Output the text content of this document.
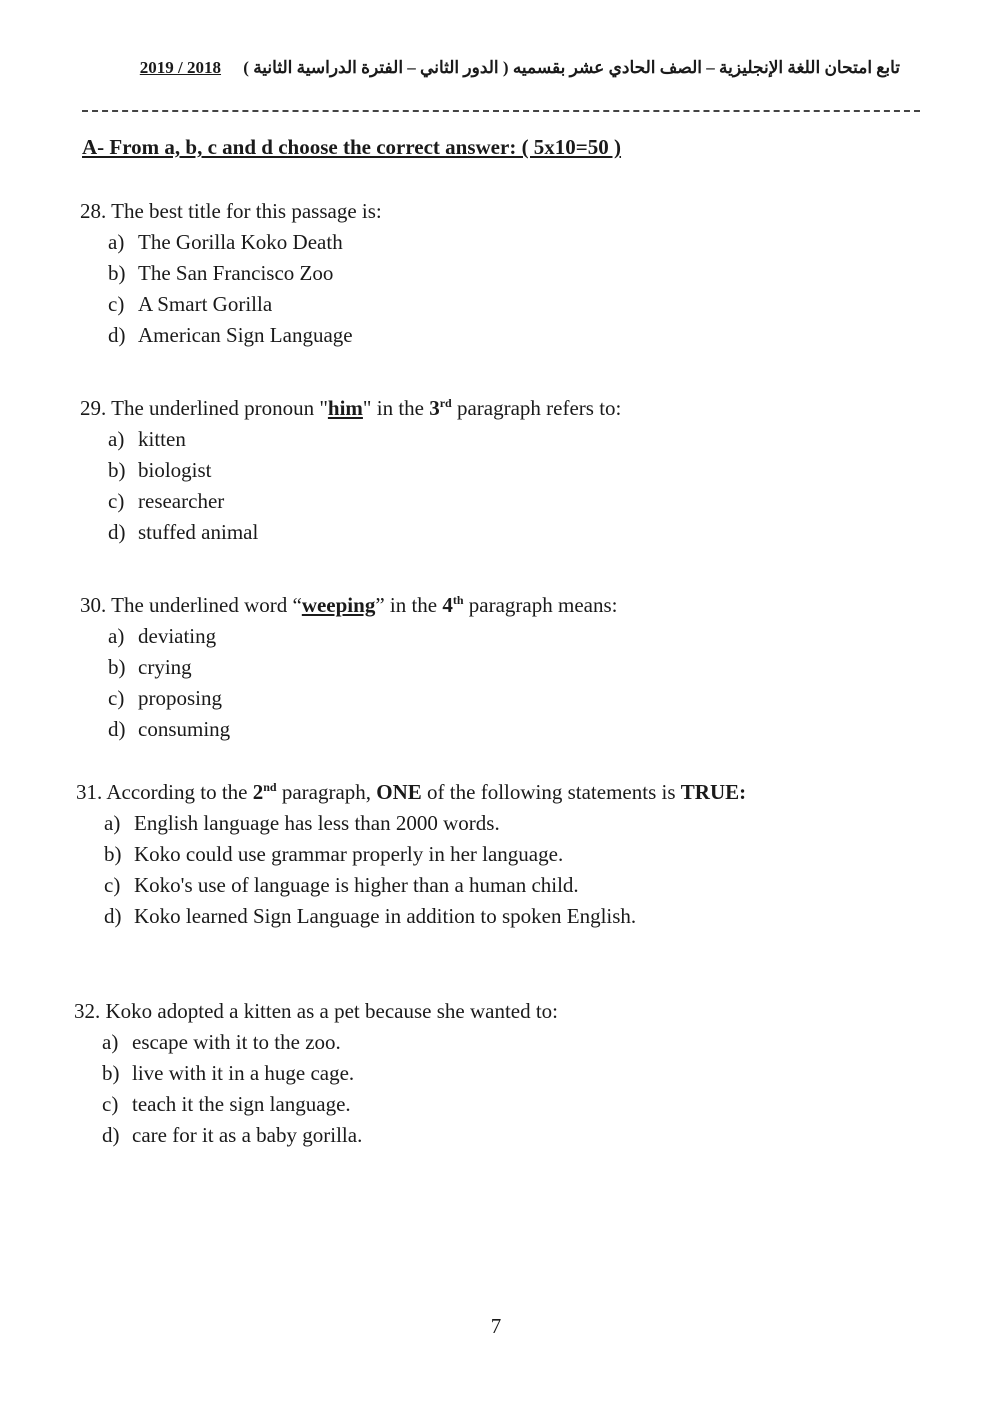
تابع امتحان اللغة الإنجليزية – الصف الحادي عشر بقسميه ( الدور الثاني – الفترة الدراسية الثانية ) 2019 / 2018
A- From a, b, c and d choose the correct answer: ( 5x10=50 )
28. The best title for this passage is:
a) The Gorilla Koko Death
b) The San Francisco Zoo
c) A Smart Gorilla
d) American Sign Language
29. The underlined pronoun "him" in the 3rd paragraph refers to:
a) kitten
b) biologist
c) researcher
d) stuffed animal
30. The underlined word “weeping” in the 4th paragraph means:
a) deviating
b) crying
c) proposing
d) consuming
31. According to the 2nd paragraph, ONE of the following statements is TRUE:
a) English language has less than 2000 words.
b) Koko could use grammar properly in her language.
c) Koko's use of language is higher than a human child.
d) Koko learned Sign Language in addition to spoken English.
32. Koko adopted a kitten as a pet because she wanted to:
a) escape with it to the zoo.
b) live with it in a huge cage.
c) teach it the sign language.
d) care for it as a baby gorilla.
7
